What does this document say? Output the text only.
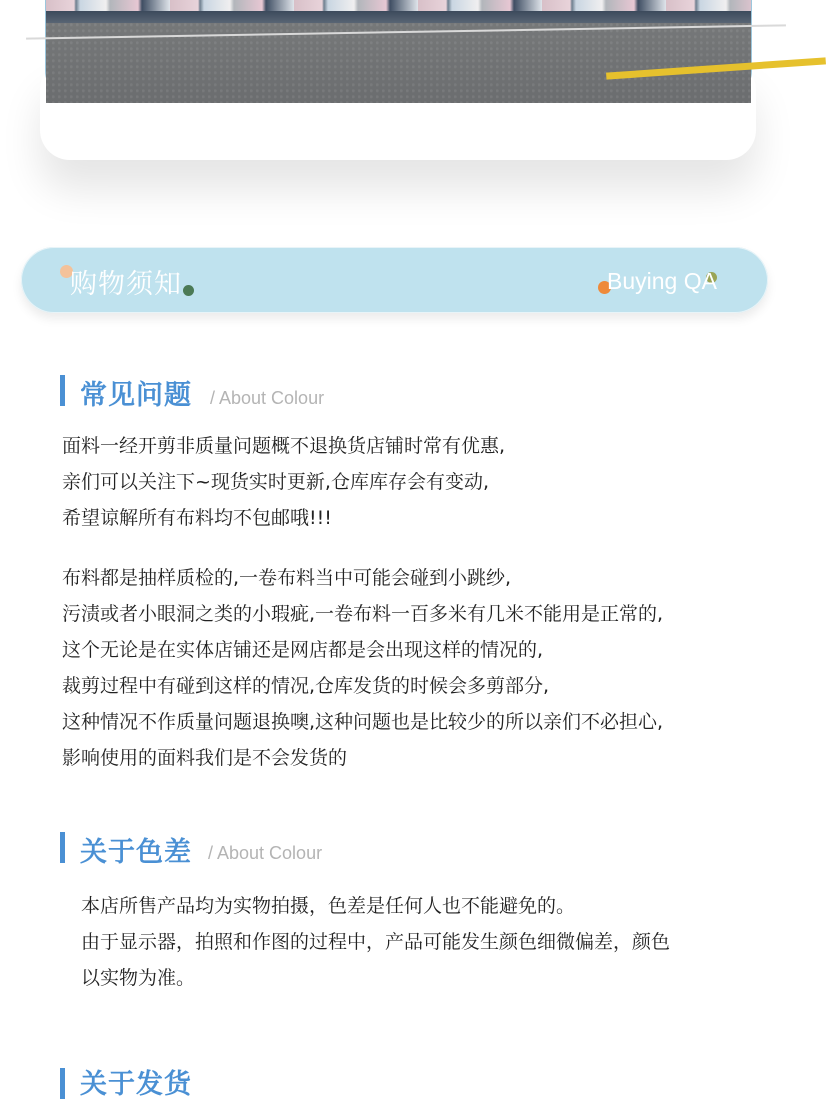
购物须知	Buying QA
常见问题 / About Colour
面料一经开剪非质量问题概不退换货店铺时常有优惠,
亲们可以关注下~现货实时更新,仓库库存会有变动,
希望谅解所有布料均不包邮哦!!!
布料都是抽样质检的,一卷布料当中可能会碰到小跳纱,
污渍或者小眼洞之类的小瑕疵,一卷布料一百多米有几米不能用是正常的,
这个无论是在实体店铺还是网店都是会出现这样的情况的,
裁剪过程中有碰到这样的情况,仓库发货的时候会多剪部分,
这种情况不作质量问题退换噢,这种问题也是比较少的所以亲们不必担心,
影响使用的面料我们是不会发货的
关于色差 / About Colour
本店所售产品均为实物拍摄，色差是任何人也不能避免的。
由于显示器，拍照和作图的过程中，产品可能发生颜色细微偏差，颜色
以实物为准。
关于发货
